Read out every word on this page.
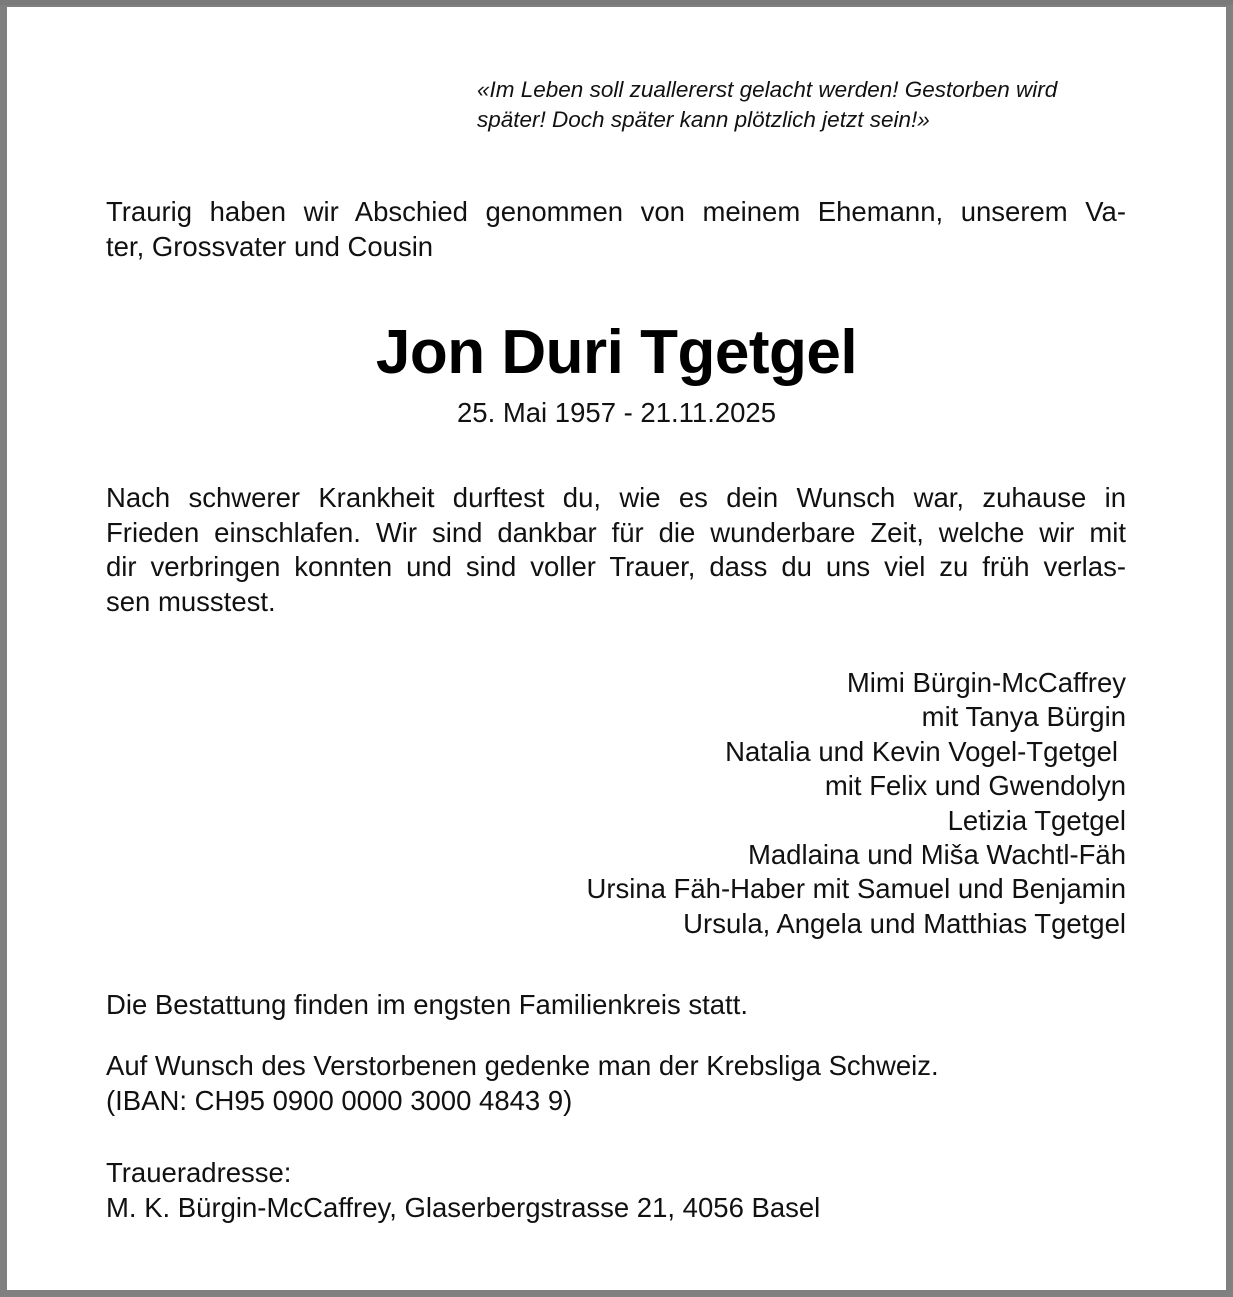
«Im Leben soll zuallererst gelacht werden! Gestorben wird
später! Doch später kann plötzlich jetzt sein!»
Traurig haben wir Abschied genommen von meinem Ehemann, unserem Va-
ter, Grossvater und Cousin
Jon Duri Tgetgel
25. Mai 1957 - 21.11.2025
Nach schwerer Krankheit durftest du, wie es dein Wunsch war, zuhause in
Frieden einschlafen. Wir sind dankbar für die wunderbare Zeit, welche wir mit
dir verbringen konnten und sind voller Trauer, dass du uns viel zu früh verlas-
sen musstest.
Mimi Bürgin-McCaffrey
mit Tanya Bürgin
Natalia und Kevin Vogel-Tgetgel
mit Felix und Gwendolyn
Letizia Tgetgel
Madlaina und Miša Wachtl-Fäh
Ursina Fäh-Haber mit Samuel und Benjamin
Ursula, Angela und Matthias Tgetgel
Die Bestattung finden im engsten Familienkreis statt.
Auf Wunsch des Verstorbenen gedenke man der Krebsliga Schweiz.
(IBAN: CH95 0900 0000 3000 4843 9)
Traueradresse:
M. K. Bürgin-McCaffrey, Glaserbergstrasse 21, 4056 Basel
